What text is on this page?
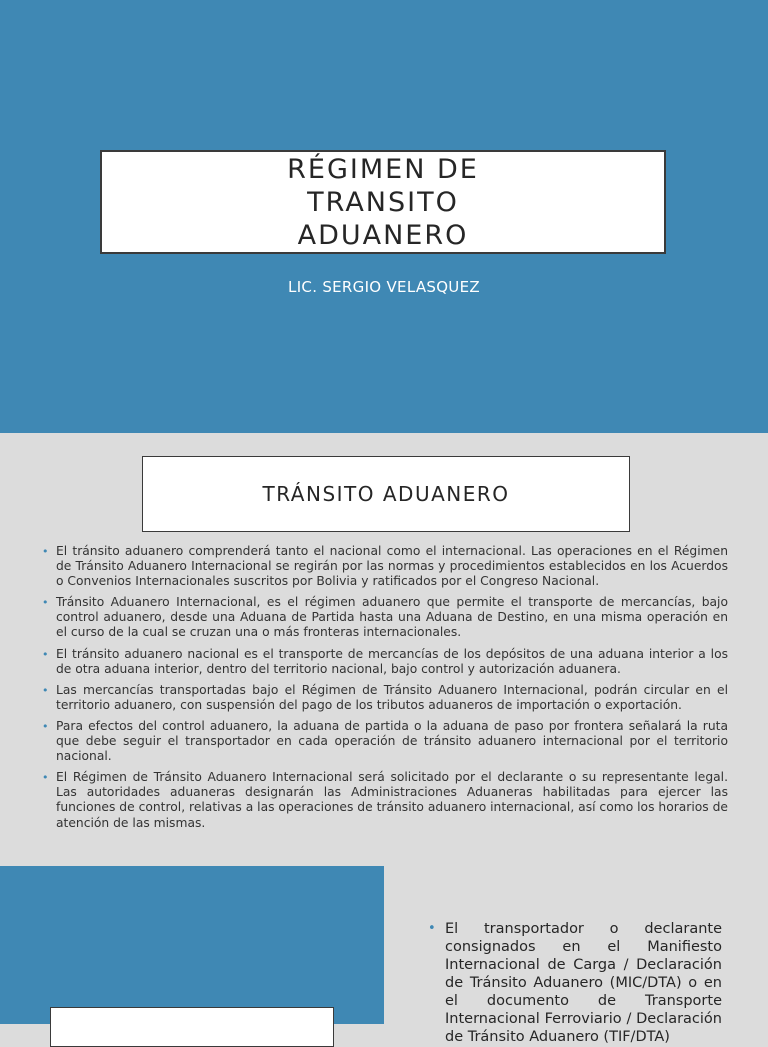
RÉGIMEN DE TRANSITO ADUANERO
LIC. SERGIO VELASQUEZ
TRÁNSITO ADUANERO
• El tránsito aduanero comprenderá tanto el nacional como el internacional. Las operaciones en el Régimen de Tránsito Aduanero Internacional se regirán por las normas y procedimientos establecidos en los Acuerdos o Convenios Internacionales suscritos por Bolivia y ratificados por el Congreso Nacional.
• Tránsito Aduanero Internacional, es el régimen aduanero que permite el transporte de mercancías, bajo control aduanero, desde una Aduana de Partida hasta una Aduana de Destino, en una misma operación en el curso de la cual se cruzan una o más fronteras internacionales.
• El tránsito aduanero nacional es el transporte de mercancías de los depósitos de una aduana interior a los de otra aduana interior, dentro del territorio nacional, bajo control y autorización aduanera.
• Las mercancías transportadas bajo el Régimen de Tránsito Aduanero Internacional, podrán circular en el territorio aduanero, con suspensión del pago de los tributos aduaneros de importación o exportación.
• Para efectos del control aduanero, la aduana de partida o la aduana de paso por frontera señalará la ruta que debe seguir el transportador en cada operación de tránsito aduanero internacional por el territorio nacional.
• El Régimen de Tránsito Aduanero Internacional será solicitado por el declarante o su representante legal. Las autoridades aduaneras designarán las Administraciones Aduaneras habilitadas para ejercer las funciones de control, relativas a las operaciones de tránsito aduanero internacional, así como los horarios de atención de las mismas.
• El transportador o declarante consignados en el Manifiesto Internacional de Carga / Declaración de Tránsito Aduanero (MIC/DTA) o en el documento de Transporte Internacional Ferroviario / Declaración de Tránsito Aduanero (TIF/DTA)
